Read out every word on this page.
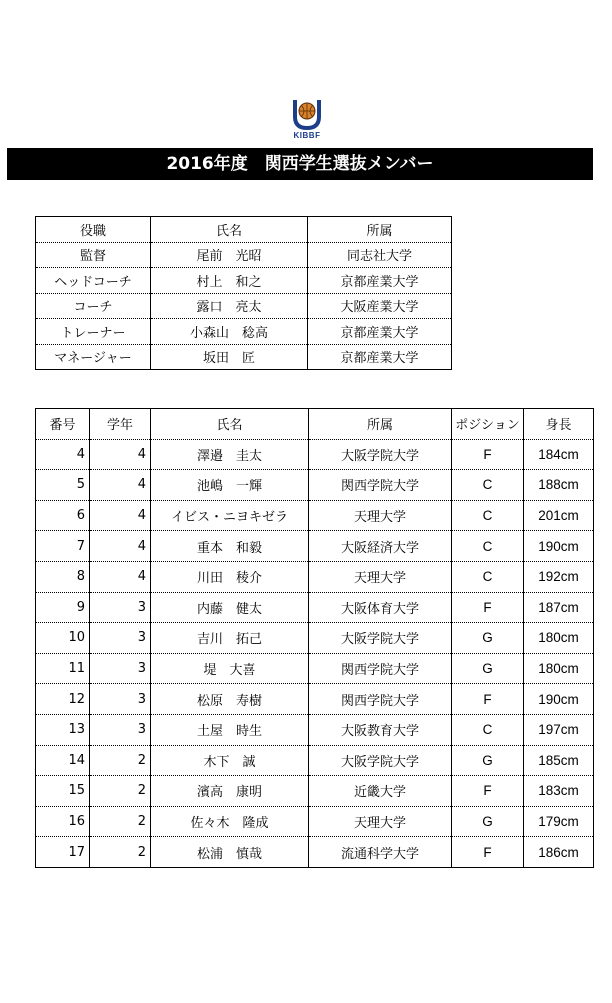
KIBBF
2016年度　関西学生選抜メンバー
役職	氏名	所属
監督	尾前　光昭	同志社大学
ヘッドコーチ	村上　和之	京都産業大学
コーチ	露口　亮太	大阪産業大学
トレーナー	小森山　稔高	京都産業大学
マネージャー	坂田　匠	京都産業大学
番号	学年	氏名	所属	ポジション	身長
4	4	澤邉　圭太	大阪学院大学	F	184cm
5	4	池嶋　一輝	関西学院大学	C	188cm
6	4	イビス・ニヨキゼラ	天理大学	C	201cm
7	4	重本　和毅	大阪経済大学	C	190cm
8	4	川田　稜介	天理大学	C	192cm
9	3	内藤　健太	大阪体育大学	F	187cm
10	3	吉川　拓己	大阪学院大学	G	180cm
11	3	堤　大喜	関西学院大学	G	180cm
12	3	松原　寿樹	関西学院大学	F	190cm
13	3	土屋　時生	大阪教育大学	C	197cm
14	2	木下　誠	大阪学院大学	G	185cm
15	2	濱高　康明	近畿大学	F	183cm
16	2	佐々木　隆成	天理大学	G	179cm
17	2	松浦　慎哉	流通科学大学	F	186cm
